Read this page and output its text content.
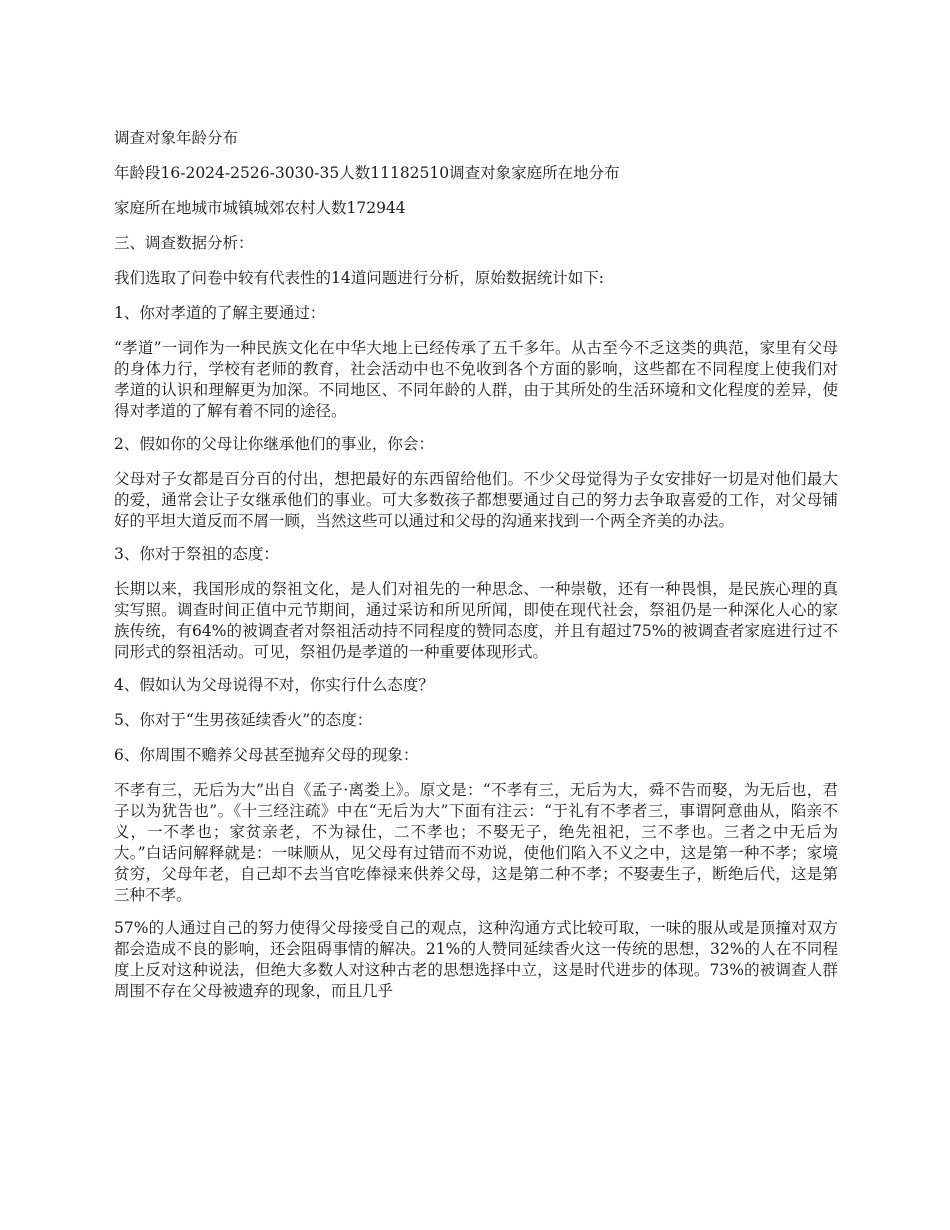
调查对象年龄分布

年龄段16-2024-2526-3030-35人数11182510调查对象家庭所在地分布

家庭所在地城市城镇城郊农村人数172944

三、调查数据分析：

我们选取了问卷中较有代表性的14道问题进行分析，原始数据统计如下:

1、你对孝道的了解主要通过：

“孝道”一词作为一种民族文化在中华大地上已经传承了五千多年。从古至今不乏这类的典范，家里有父母的身体力行，学校有老师的教育，社会活动中也不免收到各个方面的影响，这些都在不同程度上使我们对孝道的认识和理解更为加深。不同地区、不同年龄的人群，由于其所处的生活环境和文化程度的差异，使得对孝道的了解有着不同的途径。

2、假如你的父母让你继承他们的事业，你会：

父母对子女都是百分百的付出，想把最好的东西留给他们。不少父母觉得为子女安排好一切是对他们最大的爱，通常会让子女继承他们的事业。可大多数孩子都想要通过自己的努力去争取喜爱的工作，对父母铺好的平坦大道反而不屑一顾，当然这些可以通过和父母的沟通来找到一个两全齐美的办法。

3、你对于祭祖的态度：

长期以来，我国形成的祭祖文化，是人们对祖先的一种思念、一种崇敬，还有一种畏惧，是民族心理的真实写照。调查时间正值中元节期间，通过采访和所见所闻，即使在现代社会，祭祖仍是一种深化人心的家族传统，有64%的被调查者对祭祖活动持不同程度的赞同态度，并且有超过75%的被调查者家庭进行过不同形式的祭祖活动。可见，祭祖仍是孝道的一种重要体现形式。

4、假如认为父母说得不对，你实行什么态度？

5、你对于“生男孩延续香火”的态度：

6、你周围不赡养父母甚至抛弃父母的现象：

不孝有三，无后为大”出自《孟子·离娄上》。原文是：“不孝有三，无后为大，舜不告而娶，为无后也，君子以为犹告也”。《十三经注疏》中在“无后为大”下面有注云：“于礼有不孝者三，事谓阿意曲从，陷亲不义，一不孝也；家贫亲老，不为禄仕，二不孝也；不娶无子，绝先祖祀，三不孝也。三者之中无后为大。”白话问解释就是：一味顺从，见父母有过错而不劝说，使他们陷入不义之中，这是第一种不孝；家境贫穷，父母年老，自己却不去当官吃俸禄来供养父母，这是第二种不孝；不娶妻生子，断绝后代，这是第三种不孝。

57%的人通过自己的努力使得父母接受自己的观点，这种沟通方式比较可取，一味的服从或是顶撞对双方都会造成不良的影响，还会阻碍事情的解决。21%的人赞同延续香火这一传统的思想，32%的人在不同程度上反对这种说法，但绝大多数人对这种古老的思想选择中立，这是时代进步的体现。73%的被调查人群周围不存在父母被遗弃的现象，而且几乎
